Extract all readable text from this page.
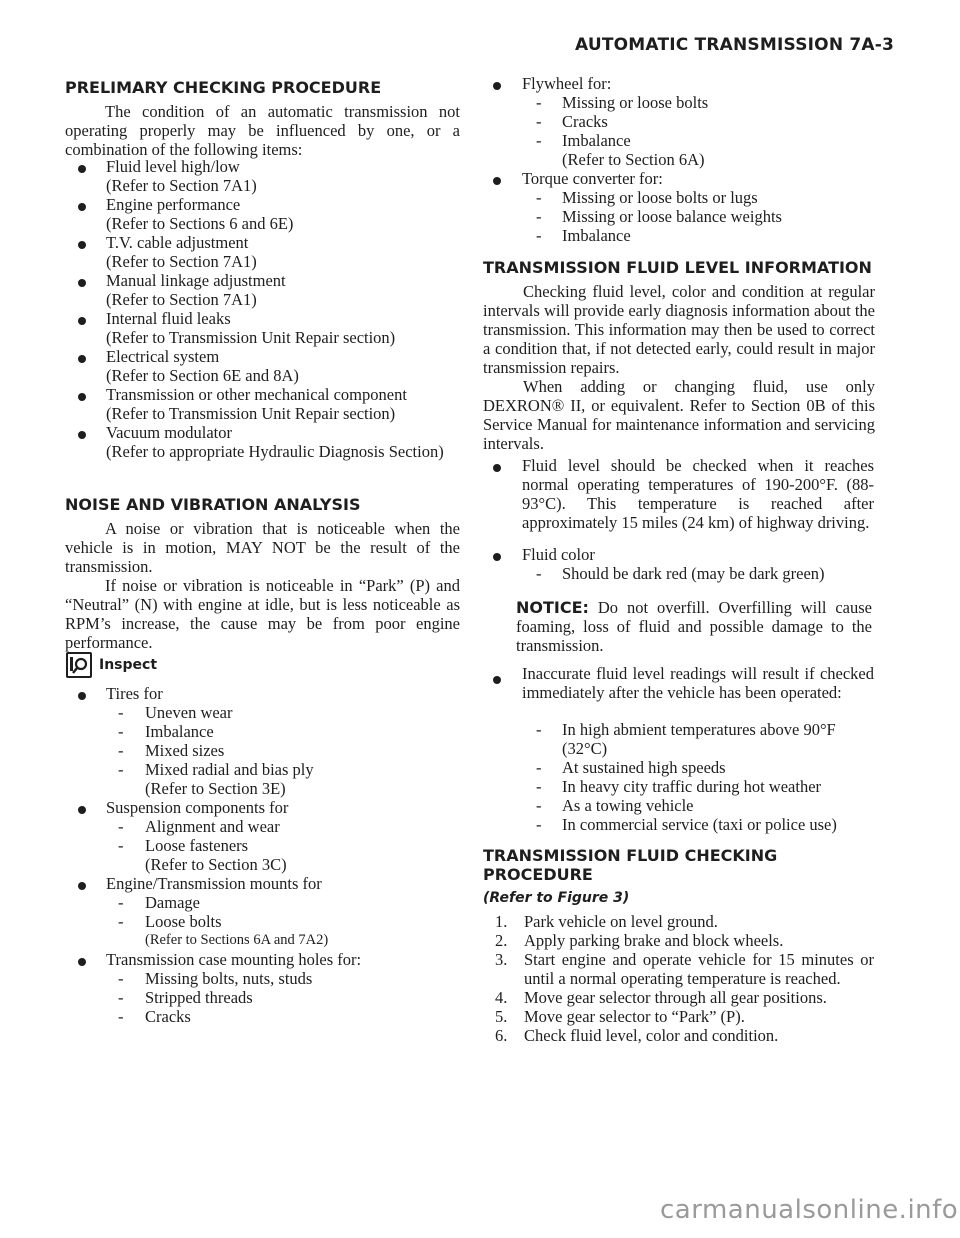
AUTOMATIC TRANSMISSION 7A-3
PRELIMARY CHECKING PROCEDURE
The condition of an automatic transmission not operating properly may be influenced by one, or a combination of the following items:
Fluid level high/low
(Refer to Section 7A1)
Engine performance
(Refer to Sections 6 and 6E)
T.V. cable adjustment
(Refer to Section 7A1)
Manual linkage adjustment
(Refer to Section 7A1)
Internal fluid leaks
(Refer to Transmission Unit Repair section)
Electrical system
(Refer to Section 6E and 8A)
Transmission or other mechanical component
(Refer to Transmission Unit Repair section)
Vacuum modulator
(Refer to appropriate Hydraulic Diagnosis Section)
NOISE AND VIBRATION ANALYSIS
A noise or vibration that is noticeable when the vehicle is in motion, MAY NOT be the result of the transmission.
If noise or vibration is noticeable in “Park” (P) and “Neutral” (N) with engine at idle, but is less noticeable as RPM’s increase, the cause may be from poor engine performance.
Inspect
Tires for
- Uneven wear
- Imbalance
- Mixed sizes
- Mixed radial and bias ply
(Refer to Section 3E)
Suspension components for
- Alignment and wear
- Loose fasteners
(Refer to Section 3C)
Engine/Transmission mounts for
- Damage
- Loose bolts
(Refer to Sections 6A and 7A2)
Transmission case mounting holes for:
- Missing bolts, nuts, studs
- Stripped threads
- Cracks
Flywheel for:
- Missing or loose bolts
- Cracks
- Imbalance
(Refer to Section 6A)
Torque converter for:
- Missing or loose bolts or lugs
- Missing or loose balance weights
- Imbalance
TRANSMISSION FLUID LEVEL INFORMATION
Checking fluid level, color and condition at regular intervals will provide early diagnosis information about the transmission. This information may then be used to correct a condition that, if not detected early, could result in major transmission repairs.
When adding or changing fluid, use only DEXRON® II, or equivalent. Refer to Section 0B of this Service Manual for maintenance information and servicing intervals.
Fluid level should be checked when it reaches normal operating temperatures of 190-200°F. (88-93°C). This temperature is reached after approximately 15 miles (24 km) of highway driving.
Fluid color
- Should be dark red (may be dark green)
NOTICE: Do not overfill. Overfilling will cause foaming, loss of fluid and possible damage to the transmission.
Inaccurate fluid level readings will result if checked immediately after the vehicle has been operated:
- In high abmient temperatures above 90°F (32°C)
- At sustained high speeds
- In heavy city traffic during hot weather
- As a towing vehicle
- In commercial service (taxi or police use)
TRANSMISSION FLUID CHECKING
PROCEDURE
(Refer to Figure 3)
1. Park vehicle on level ground.
2. Apply parking brake and block wheels.
3. Start engine and operate vehicle for 15 minutes or until a normal operating temperature is reached.
4. Move gear selector through all gear positions.
5. Move gear selector to “Park” (P).
6. Check fluid level, color and condition.
carmanualsonline.info
